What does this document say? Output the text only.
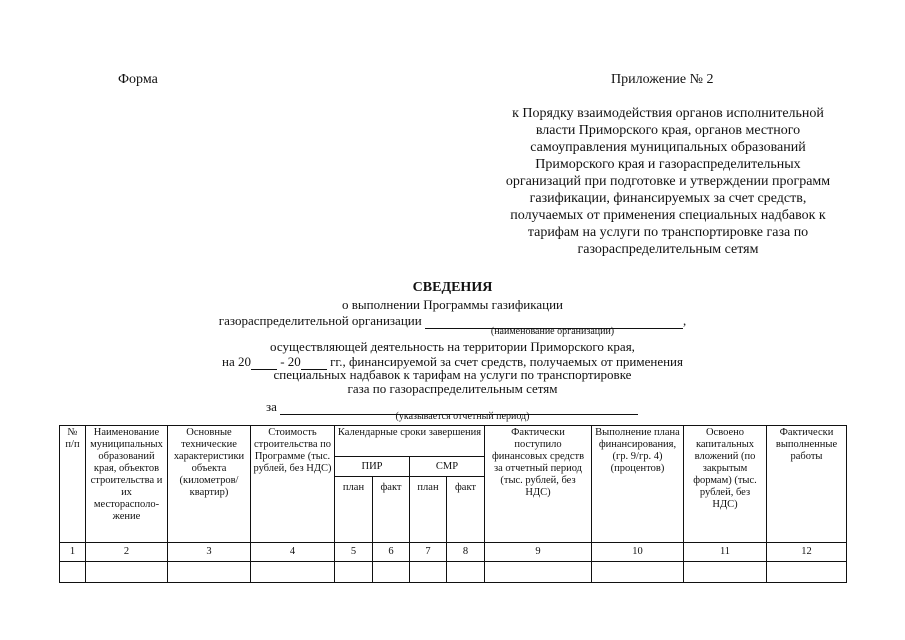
Форма	Приложение № 2
к Порядку взаимодействия органов исполнительной
власти Приморского края, органов местного
самоуправления муниципальных образований
Приморского края и газораспределительных
организаций при подготовке и утверждении программ
газификации, финансируемых за счет средств,
получаемых от применения специальных надбавок к
тарифам на услуги по транспортировке газа по
газораспределительным сетям
СВЕДЕНИЯ
о выполнении Программы газификации
газораспределительной организации	,
(наименование организации)
осуществляющей деятельность на территории Приморского края,
на 20  - 20  гг., финансируемой за счет средств, получаемых от применения
специальных надбавок к тарифам на услуги по транспортировке
газа по газораспределительным сетям
за
(указывается отчетный период)
№ п/п	Наименование муниципальных образований края, объектов строительства и их месторасполо-жение	Основные технические характеристики объекта (километров/ квартир)	Стоимость строительства по Программе (тыс. рублей, без НДС)	Календарные сроки завершения				Фактически поступило финансовых средств за отчетный период (тыс. рублей, без НДС)	Выполнение плана финансирования, (гр. 9/гр. 4) (процентов)	Освоено капитальных вложений (по закрытым формам) (тыс. рублей, без НДС)	Фактически выполненные работы
				ПИР		СМР					
				план	факт	план	факт				
1	2	3	4	5	6	7	8	9	10	11	12
